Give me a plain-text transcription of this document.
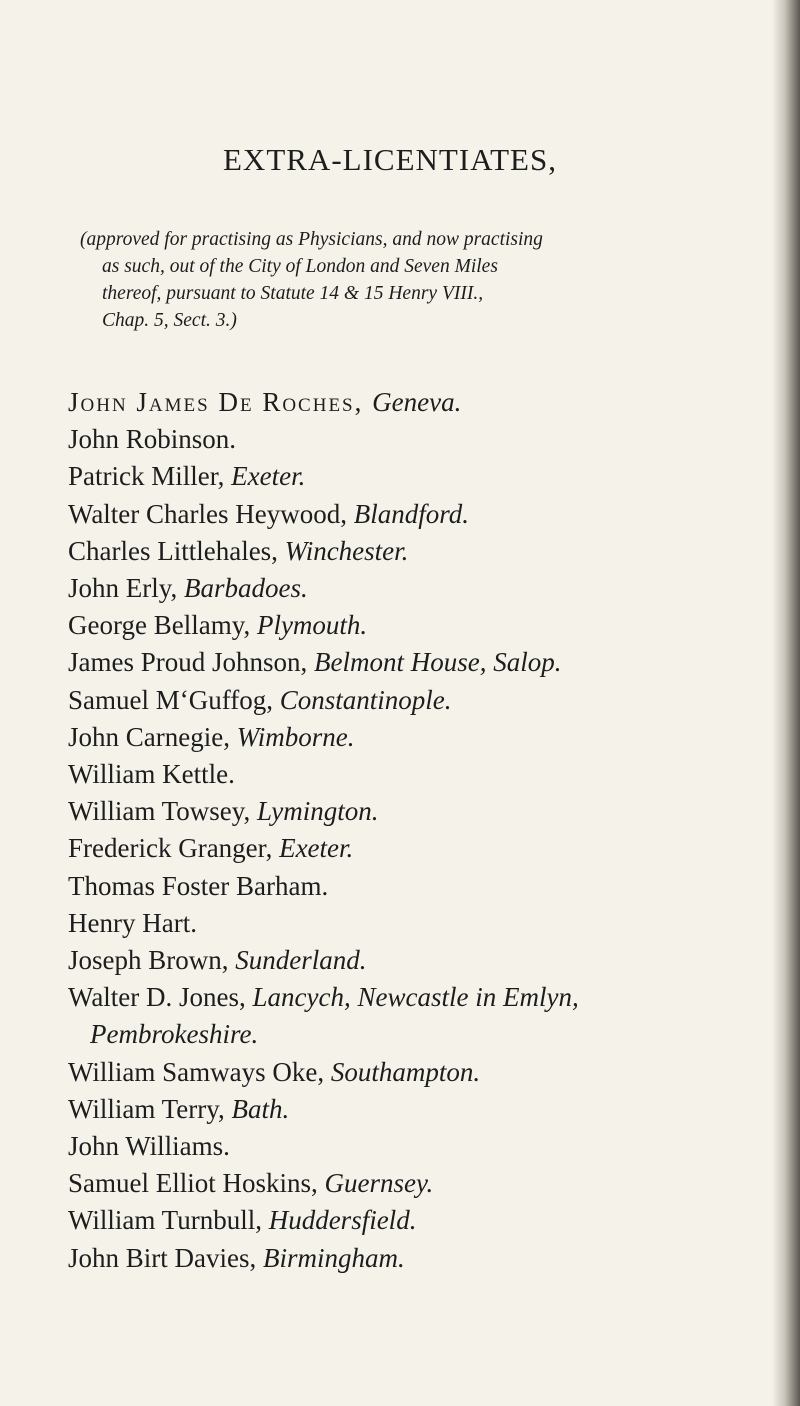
EXTRA-LICENTIATES,

(approved for practising as Physicians, and now practising
as such, out of the City of London and Seven Miles
thereof, pursuant to Statute 14 & 15 Henry VIII.,
Chap. 5, Sect. 3.)

John James De Roches, Geneva.
John Robinson.
Patrick Miller, Exeter.
Walter Charles Heywood, Blandford.
Charles Littlehales, Winchester.
John Erly, Barbadoes.
George Bellamy, Plymouth.
James Proud Johnson, Belmont House, Salop.
Samuel M‘Guffog, Constantinople.
John Carnegie, Wimborne.
William Kettle.
William Towsey, Lymington.
Frederick Granger, Exeter.
Thomas Foster Barham.
Henry Hart.
Joseph Brown, Sunderland.
Walter D. Jones, Lancych, Newcastle in Emlyn,
Pembrokeshire.
William Samways Oke, Southampton.
William Terry, Bath.
John Williams.
Samuel Elliot Hoskins, Guernsey.
William Turnbull, Huddersfield.
John Birt Davies, Birmingham.
